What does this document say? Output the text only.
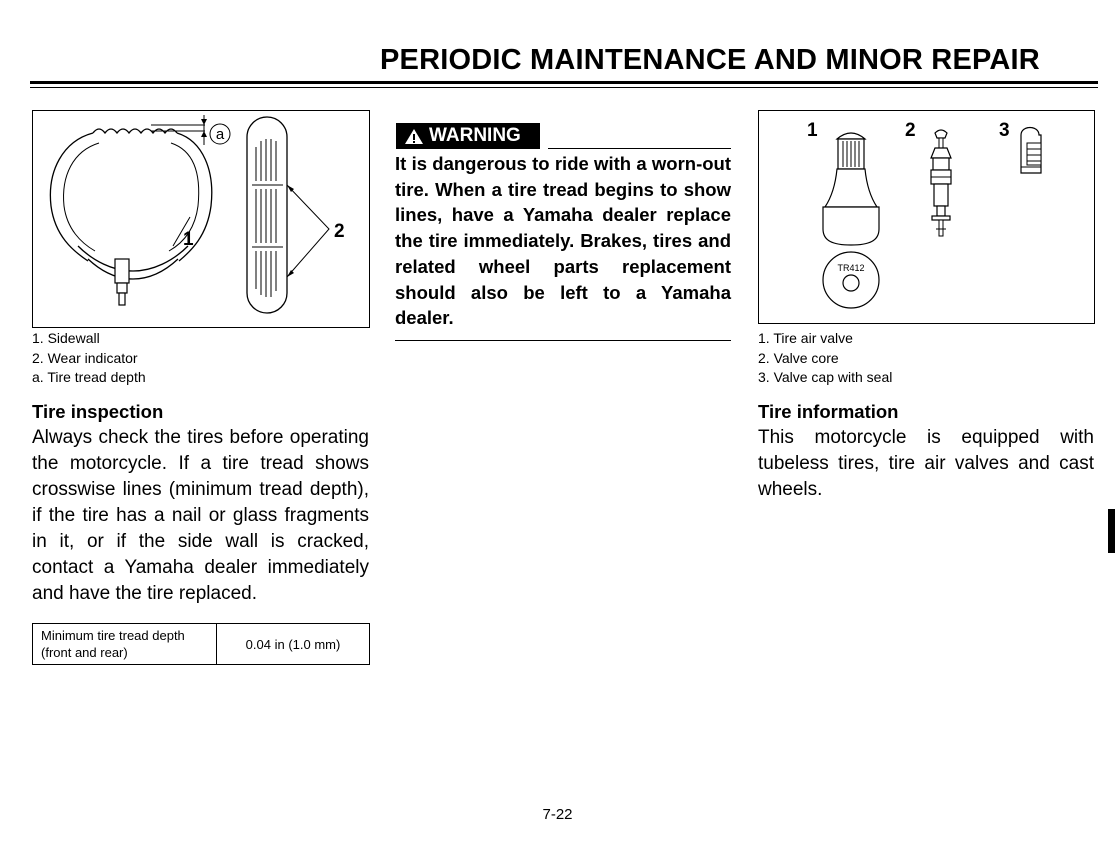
PERIODIC MAINTENANCE AND MINOR REPAIR
a
1	2
1. Sidewall
2. Wear indicator
a. Tire tread depth
Tire inspection
Always check the tires before operating the motorcycle. If a tire tread shows crosswise lines (minimum tread depth), if the tire has a nail or glass fragments in it, or if the side wall is cracked, contact a Yamaha dealer immediately and have the tire replaced.
Minimum tire tread depth (front and rear)	0.04 in (1.0 mm)
WARNING
It is dangerous to ride with a worn-out tire. When a tire tread begins to show lines, have a Yamaha dealer replace the tire immediately. Brakes, tires and related wheel parts replacement should also be left to a Yamaha dealer.
1	2	3
TR412
1. Tire air valve
2. Valve core
3. Valve cap with seal
Tire information
This motorcycle is equipped with tubeless tires, tire air valves and cast wheels.
7-22
